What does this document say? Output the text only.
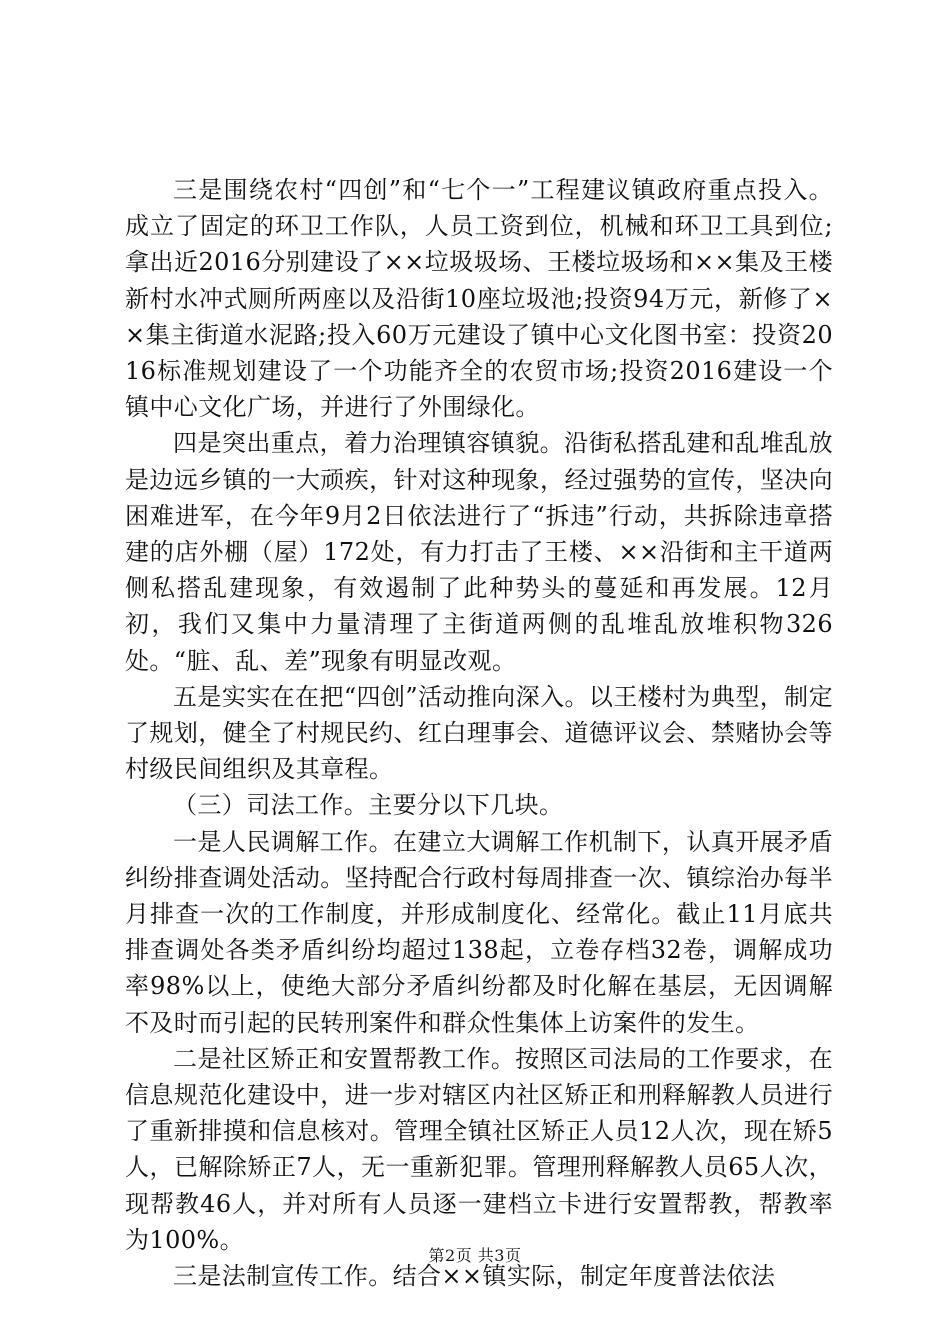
三是围绕农村“四创”和“七个一”工程建议镇政府重点投入。成立了固定的环卫工作队，人员工资到位，机械和环卫工具到位;拿出近2016分别建设了××垃圾圾场、王楼垃圾场和××集及王楼新村水冲式厕所两座以及沿街10座垃圾池;投资94万元，新修了××集主街道水泥路;投入60万元建设了镇中心文化图书室：投资2016标准规划建设了一个功能齐全的农贸市场;投资2016建设一个镇中心文化广场，并进行了外围绿化。

四是突出重点，着力治理镇容镇貌。沿街私搭乱建和乱堆乱放是边远乡镇的一大顽疾，针对这种现象，经过强势的宣传，坚决向困难进军，在今年9月2日依法进行了“拆违”行动，共拆除违章搭建的店外棚（屋）172处，有力打击了王楼、××沿街和主干道两侧私搭乱建现象，有效遏制了此种势头的蔓延和再发展。12月初，我们又集中力量清理了主街道两侧的乱堆乱放堆积物326处。“脏、乱、差”现象有明显改观。

五是实实在在把“四创”活动推向深入。以王楼村为典型，制定了规划，健全了村规民约、红白理事会、道德评议会、禁赌协会等村级民间组织及其章程。

（三）司法工作。主要分以下几块。

一是人民调解工作。在建立大调解工作机制下，认真开展矛盾纠纷排查调处活动。坚持配合行政村每周排查一次、镇综治办每半月排查一次的工作制度，并形成制度化、经常化。截止11月底共排查调处各类矛盾纠纷均超过138起，立卷存档32卷，调解成功率98%以上，使绝大部分矛盾纠纷都及时化解在基层，无因调解不及时而引起的民转刑案件和群众性集体上访案件的发生。

二是社区矫正和安置帮教工作。按照区司法局的工作要求，在信息规范化建设中，进一步对辖区内社区矫正和刑释解教人员进行了重新排摸和信息核对。管理全镇社区矫正人员12人次，现在矫5人，已解除矫正7人，无一重新犯罪。管理刑释解教人员65人次，现帮教46人，并对所有人员逐一建档立卡进行安置帮教，帮教率为100%。

三是法制宣传工作。结合××镇实际，制定年度普法依法

第2页 共3页
